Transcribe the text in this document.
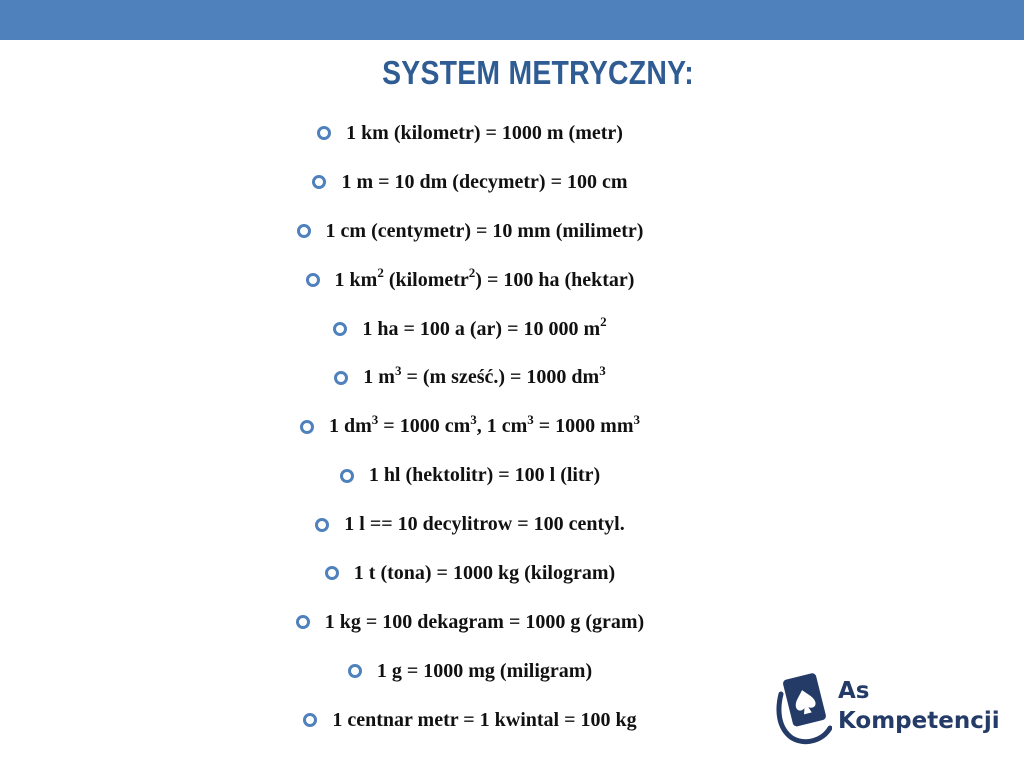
SYSTEM METRYCZNY:
1 km (kilometr) = 1000 m (metr)
1 m = 10 dm (decymetr) = 100 cm
1 cm (centymetr) = 10 mm (milimetr)
1 $km^2$ (kilometr$^2$) = 100 ha (hektar)
1 ha = 100 a (ar) = 10 000 $m^2$
1 $m^3 = (m$ sześć.) = 1000 $dm^3$
1 $dm^3 = 1000$ $cm^3$, 1 $cm^3 = 1000$ $mm^3$
1 hl (hektolitr) = 100 l (litr)
1 l == 10 decylitrow = 100 centyl.
1 t (tona) = 1000 kg (kilogram)
1 kg = 100 dekagram = 1000 g (gram)
1 g = 1000 mg (miligram)
1 centnar metr = 1 kwintal = 100 kg
As
Kompetencji
